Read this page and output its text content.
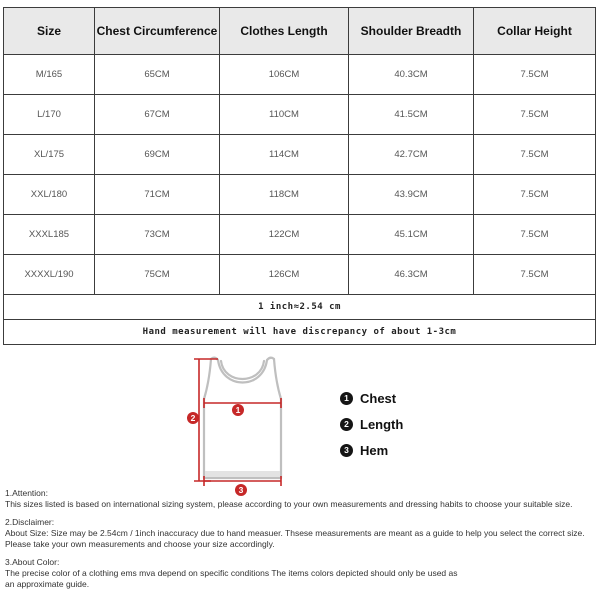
Size	Chest Circumference	Clothes Length	Shoulder Breadth	Collar Height
M/165	65CM	106CM	40.3CM	7.5CM
L/170	67CM	110CM	41.5CM	7.5CM
XL/175	69CM	114CM	42.7CM	7.5CM
XXL/180	71CM	118CM	43.9CM	7.5CM
XXXL185	73CM	122CM	45.1CM	7.5CM
XXXXL/190	75CM	126CM	46.3CM	7.5CM
1 inch≈2.54 cm				
Hand measurement will have discrepancy of about 1-3cm				
1
2
3
1 Chest
2 Length
3 Hem

1.Attention:

This sizes listed is based on international sizing system, please according to your own measurements and dressing habits to choose your suitable size.

2.Disclaimer:

About Size: Size may be 2.54cm / 1inch inaccuracy due to hand measuer. Thsese measurements are meant as a guide to help you select the correct size.

Please take your own measurements and choose your size accordingly.

3.About Color:

The precise color of a clothing ems mva depend on specific conditions The items colors depicted should only be used as

an approximate guide.
